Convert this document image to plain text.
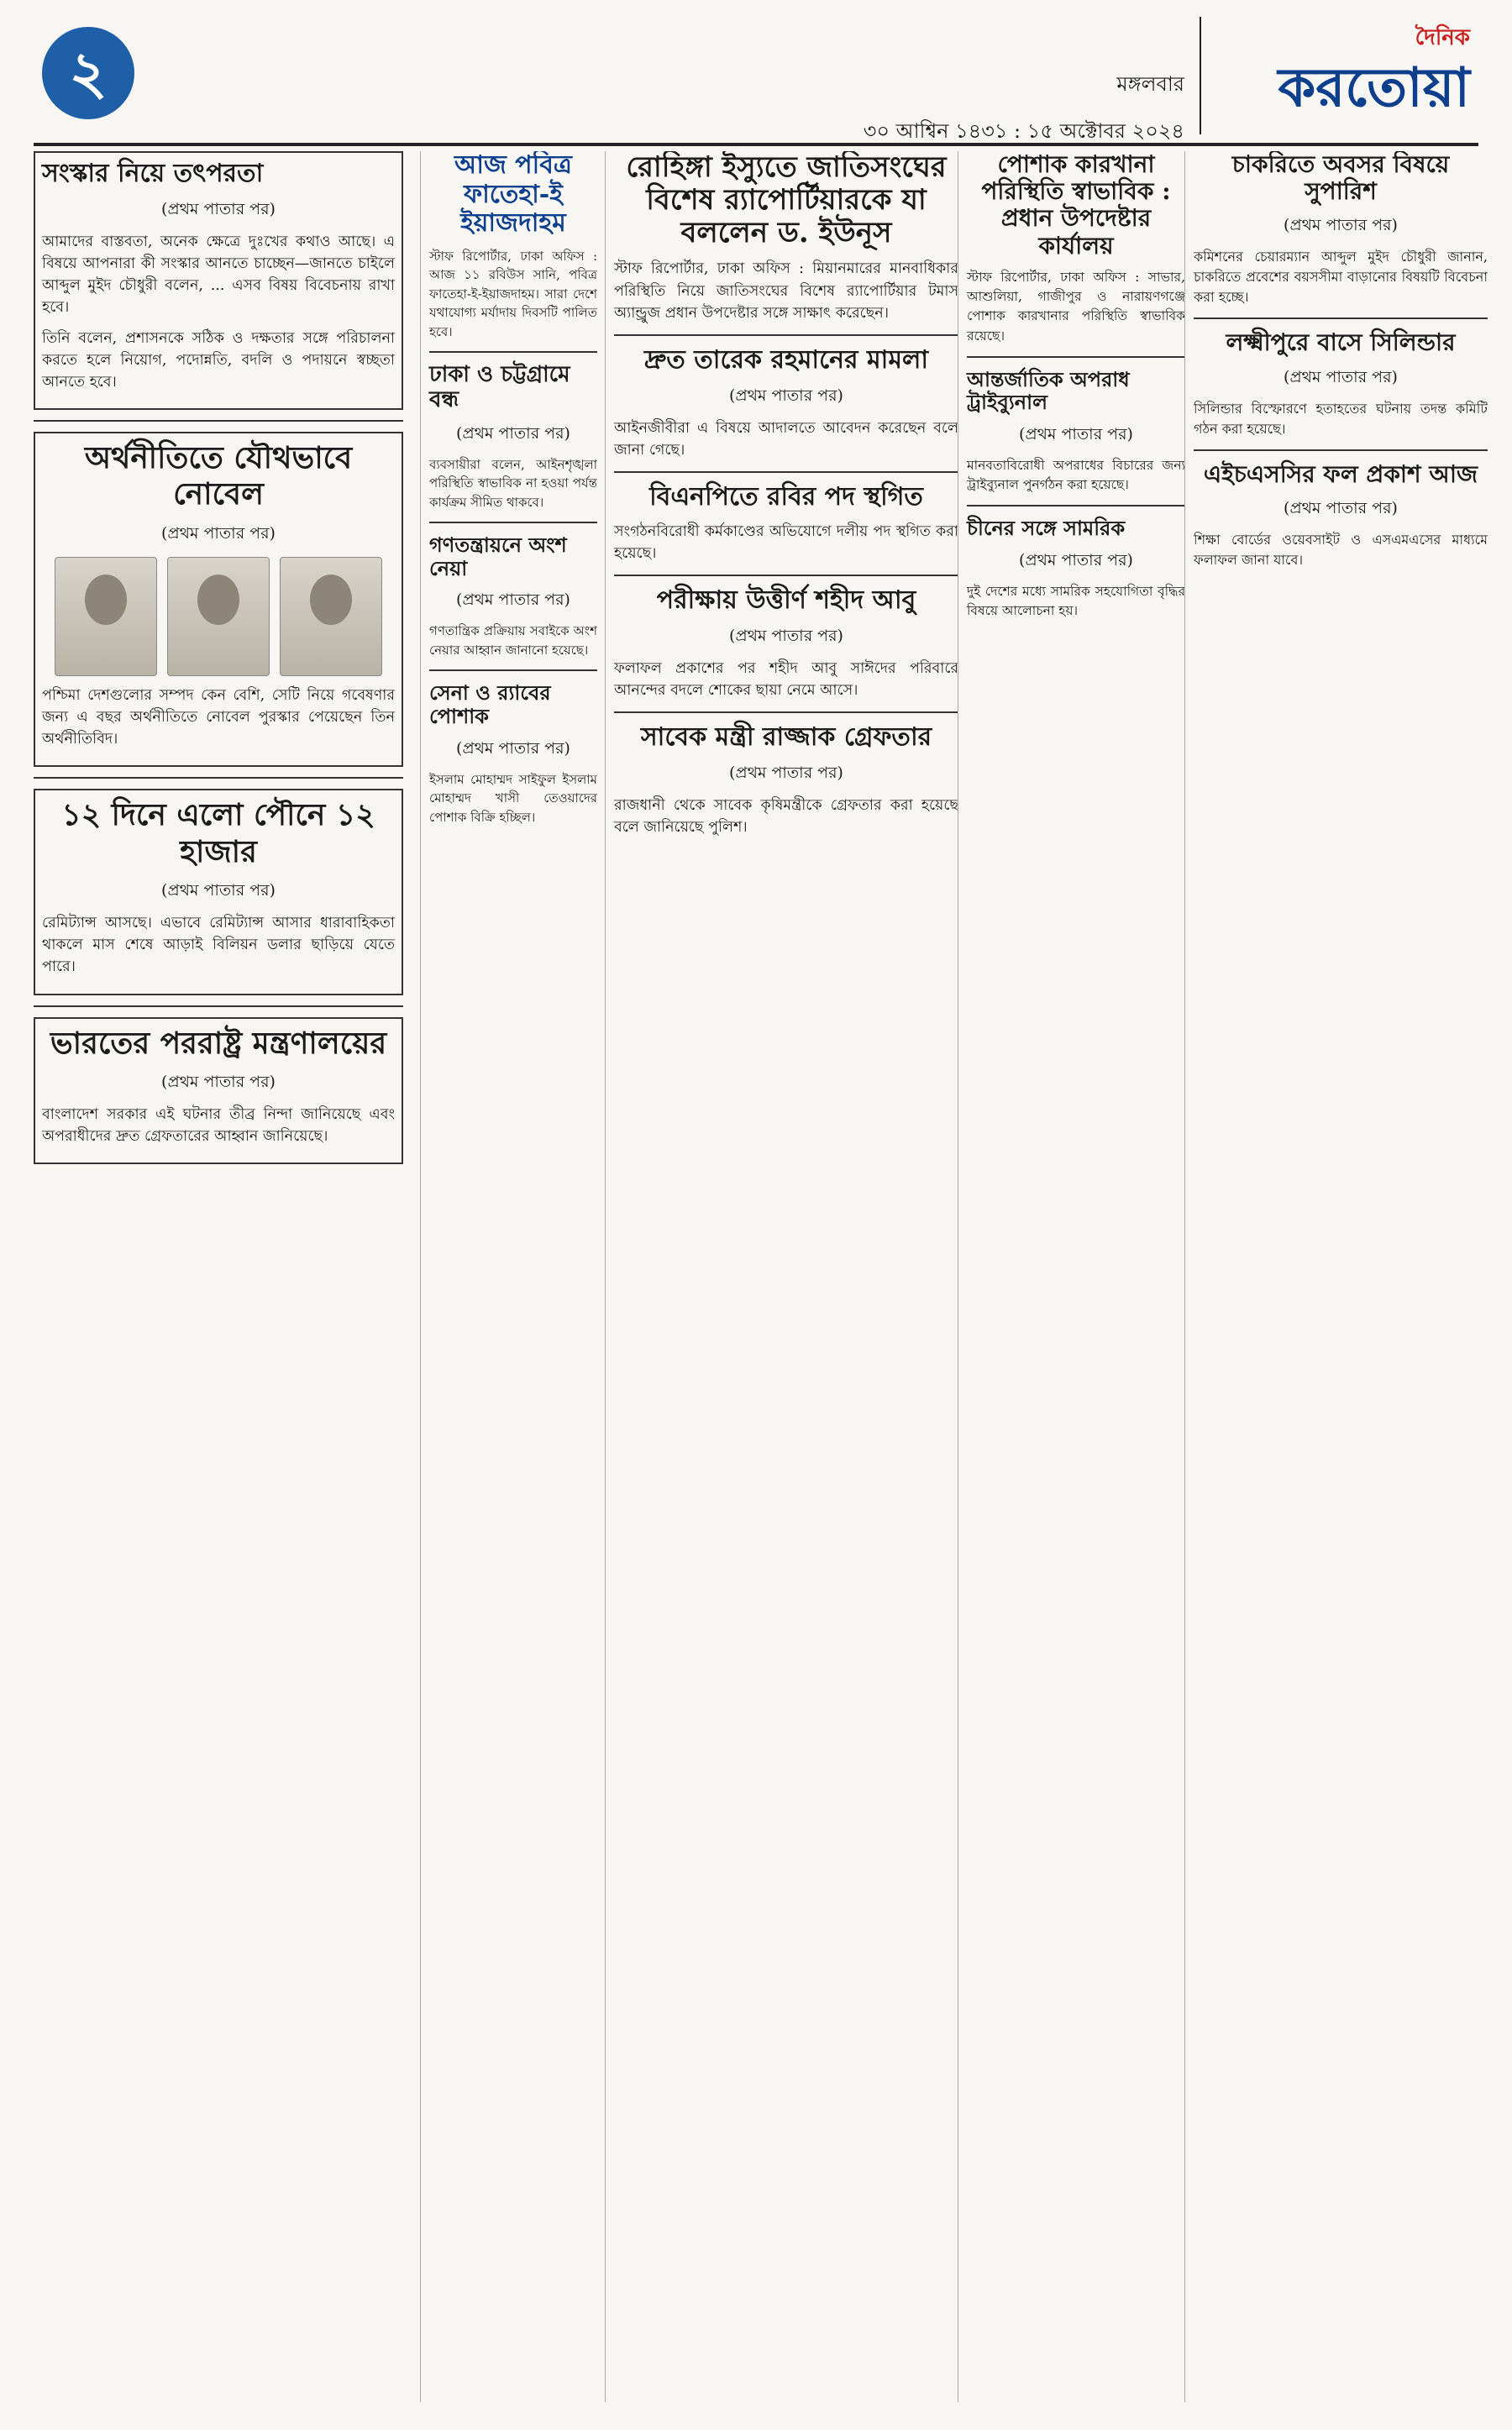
২	মঙ্গলবার
৩০ আশ্বিন ১৪৩১ : ১৫ অক্টোবর ২০২৪
দৈনিক
করতোয়া
সংস্কার নিয়ে তৎপরতা
(প্রথম পাতার পর)

আমাদের বাস্তবতা, অনেক ক্ষেত্রে দুঃখের কথাও আছে। এ বিষয়ে আপনারা কী সংস্কার আনতে চাচ্ছেন—জানতে চাইলে আব্দুল মুইদ চৌধুরী বলেন, ... এসব বিষয় বিবেচনায় রাখা হবে।

তিনি বলেন, প্রশাসনকে সঠিক ও দক্ষতার সঙ্গে পরিচালনা করতে হলে নিয়োগ, পদোন্নতি, বদলি ও পদায়নে স্বচ্ছতা আনতে হবে।

অর্থনীতিতে যৌথভাবে নোবেল
(প্রথম পাতার পর)

পশ্চিমা দেশগুলোর সম্পদ কেন বেশি, সেটি নিয়ে গবেষণার জন্য এ বছর অর্থনীতিতে নোবেল পুরস্কার পেয়েছেন তিন অর্থনীতিবিদ।

১২ দিনে এলো পৌনে ১২ হাজার
(প্রথম পাতার পর)

রেমিট্যান্স আসছে। এভাবে রেমিট্যান্স আসার ধারাবাহিকতা থাকলে মাস শেষে আড়াই বিলিয়ন ডলার ছাড়িয়ে যেতে পারে।

ভারতের পররাষ্ট্র মন্ত্রণালয়ের
(প্রথম পাতার পর)

বাংলাদেশ সরকার এই ঘটনার তীব্র নিন্দা জানিয়েছে এবং অপরাধীদের দ্রুত গ্রেফতারের আহ্বান জানিয়েছে।

আজ পবিত্র ফাতেহা-ই ইয়াজদাহম

স্টাফ রিপোর্টার, ঢাকা অফিস : আজ ১১ রবিউস সানি, পবিত্র ফাতেহা-ই-ইয়াজদাহম। সারা দেশে যথাযোগ্য মর্যাদায় দিবসটি পালিত হবে।

ঢাকা ও চট্টগ্রামে বন্ধ
(প্রথম পাতার পর)

ব্যবসায়ীরা বলেন, আইনশৃঙ্খলা পরিস্থিতি স্বাভাবিক না হওয়া পর্যন্ত কার্যক্রম সীমিত থাকবে।

গণতন্ত্রায়নে অংশ নেয়া
(প্রথম পাতার পর)

গণতান্ত্রিক প্রক্রিয়ায় সবাইকে অংশ নেয়ার আহ্বান জানানো হয়েছে।

সেনা ও র‍্যাবের পোশাক
(প্রথম পাতার পর)

ইসলাম মোহাম্মদ সাইফুল ইসলাম মোহাম্মদ খাসী তেওয়াদের পোশাক বিক্রি হচ্ছিল।

রোহিঙ্গা ইস্যুতে জাতিসংঘের বিশেষ র‍্যাপোর্টিয়ারকে যা বললেন ড. ইউনূস

স্টাফ রিপোর্টার, ঢাকা অফিস : মিয়ানমারের মানবাধিকার পরিস্থিতি নিয়ে জাতিসংঘের বিশেষ র‍্যাপোর্টিয়ার টমাস অ্যান্ড্রুজ প্রধান উপদেষ্টার সঙ্গে সাক্ষাৎ করেছেন।

দ্রুত তারেক রহমানের মামলা
(প্রথম পাতার পর)

আইনজীবীরা এ বিষয়ে আদালতে আবেদন করেছেন বলে জানা গেছে।

বিএনপিতে রবির পদ স্থগিত

সংগঠনবিরোধী কর্মকাণ্ডের অভিযোগে দলীয় পদ স্থগিত করা হয়েছে।

পরীক্ষায় উত্তীর্ণ শহীদ আবু
(প্রথম পাতার পর)

ফলাফল প্রকাশের পর শহীদ আবু সাঈদের পরিবারে আনন্দের বদলে শোকের ছায়া নেমে আসে।

সাবেক মন্ত্রী রাজ্জাক গ্রেফতার
(প্রথম পাতার পর)

রাজধানী থেকে সাবেক কৃষিমন্ত্রীকে গ্রেফতার করা হয়েছে বলে জানিয়েছে পুলিশ।

পোশাক কারখানা পরিস্থিতি স্বাভাবিক : প্রধান উপদেষ্টার কার্যালয়

স্টাফ রিপোর্টার, ঢাকা অফিস : সাভার, আশুলিয়া, গাজীপুর ও নারায়ণগঞ্জে পোশাক কারখানার পরিস্থিতি স্বাভাবিক রয়েছে।

আন্তর্জাতিক অপরাধ ট্রাইব্যুনাল
(প্রথম পাতার পর)

মানবতাবিরোধী অপরাধের বিচারের জন্য ট্রাইব্যুনাল পুনর্গঠন করা হয়েছে।

চীনের সঙ্গে সামরিক
(প্রথম পাতার পর)

দুই দেশের মধ্যে সামরিক সহযোগিতা বৃদ্ধির বিষয়ে আলোচনা হয়।

চাকরিতে অবসর বিষয়ে সুপারিশ
(প্রথম পাতার পর)

কমিশনের চেয়ারম্যান আব্দুল মুইদ চৌধুরী জানান, চাকরিতে প্রবেশের বয়সসীমা বাড়ানোর বিষয়টি বিবেচনা করা হচ্ছে।

লক্ষ্মীপুরে বাসে সিলিন্ডার
(প্রথম পাতার পর)

সিলিন্ডার বিস্ফোরণে হতাহতের ঘটনায় তদন্ত কমিটি গঠন করা হয়েছে।

এইচএসসির ফল প্রকাশ আজ
(প্রথম পাতার পর)

শিক্ষা বোর্ডের ওয়েবসাইট ও এসএমএসের মাধ্যমে ফলাফল জানা যাবে।
